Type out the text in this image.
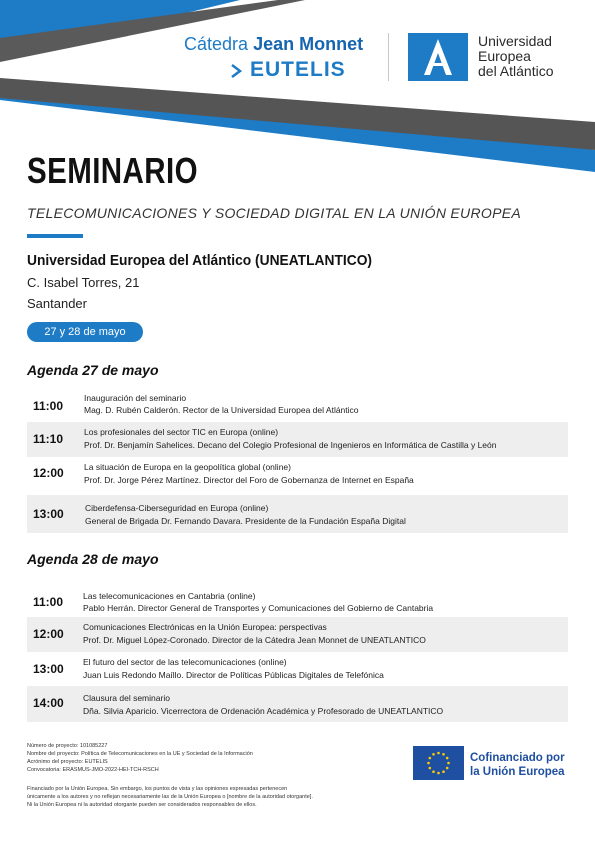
Cátedra Jean Monnet
EUTELIS
Universidad
Europea
del Atlántico
SEMINARIO
TELECOMUNICACIONES Y SOCIEDAD DIGITAL EN LA UNIÓN EUROPEA
Universidad Europea del Atlántico (UNEATLANTICO)
C. Isabel Torres, 21
Santander
27 y 28 de mayo
Agenda 27 de mayo
11:00
Inauguración del seminario
Mag. D. Rubén Calderón. Rector de la Universidad Europea del Atlántico
11:10 Los profesionales del sector TIC en Europa (online)
Prof. Dr. Benjamín Sahelices. Decano del Colegio Profesional de Ingenieros en Informática de Castilla y León
12:00 La situación de Europa en la geopolítica global (online)
Prof. Dr. Jorge Pérez Martínez. Director del Foro de Gobernanza de Internet en España
13:00	Ciberdefensa-Ciberseguridad en Europa (online)
General de Brigada Dr. Fernando Davara. Presidente de la Fundación España Digital
Agenda 28 de mayo
11:00 Las telecomunicaciones en Cantabria (online)
Pablo Herrán. Director General de Transportes y Comunicaciones del Gobierno de Cantabria
12:00 Comunicaciones Electrónicas en la Unión Europea: perspectivas
Prof. Dr. Miguel López-Coronado. Director de la Cátedra Jean Monnet de UNEATLANTICO
13:00 El futuro del sector de las telecomunicaciones (online)
Juan Luis Redondo Maíllo. Director de Políticas Públicas Digitales de Telefónica
14:00 Clausura del seminario
Dña. Silvia Aparicio. Vicerrectora de Ordenación Académica y Profesorado de UNEATLANTICO
Número de proyecto: 101085227
Nombre del proyecto: Política de Telecomunicaciones en la UE y Sociedad de la Información
Acrónimo del proyecto: EUTELIS
Convocatoria: ERASMUS-JMO-2022-HEI-TCH-RSCH
Financiado por la Unión Europea. Sin embargo, los puntos de vista y las opiniones expresadas pertenecen únicamente a los autores y no reflejan necesariamente las de la Unión Europea o [nombre de la autoridad otorgante]. Ni la Unión Europea ni la autoridad otorgante pueden ser considerados responsables de ellos.
Cofinanciado por
la Unión Europea
